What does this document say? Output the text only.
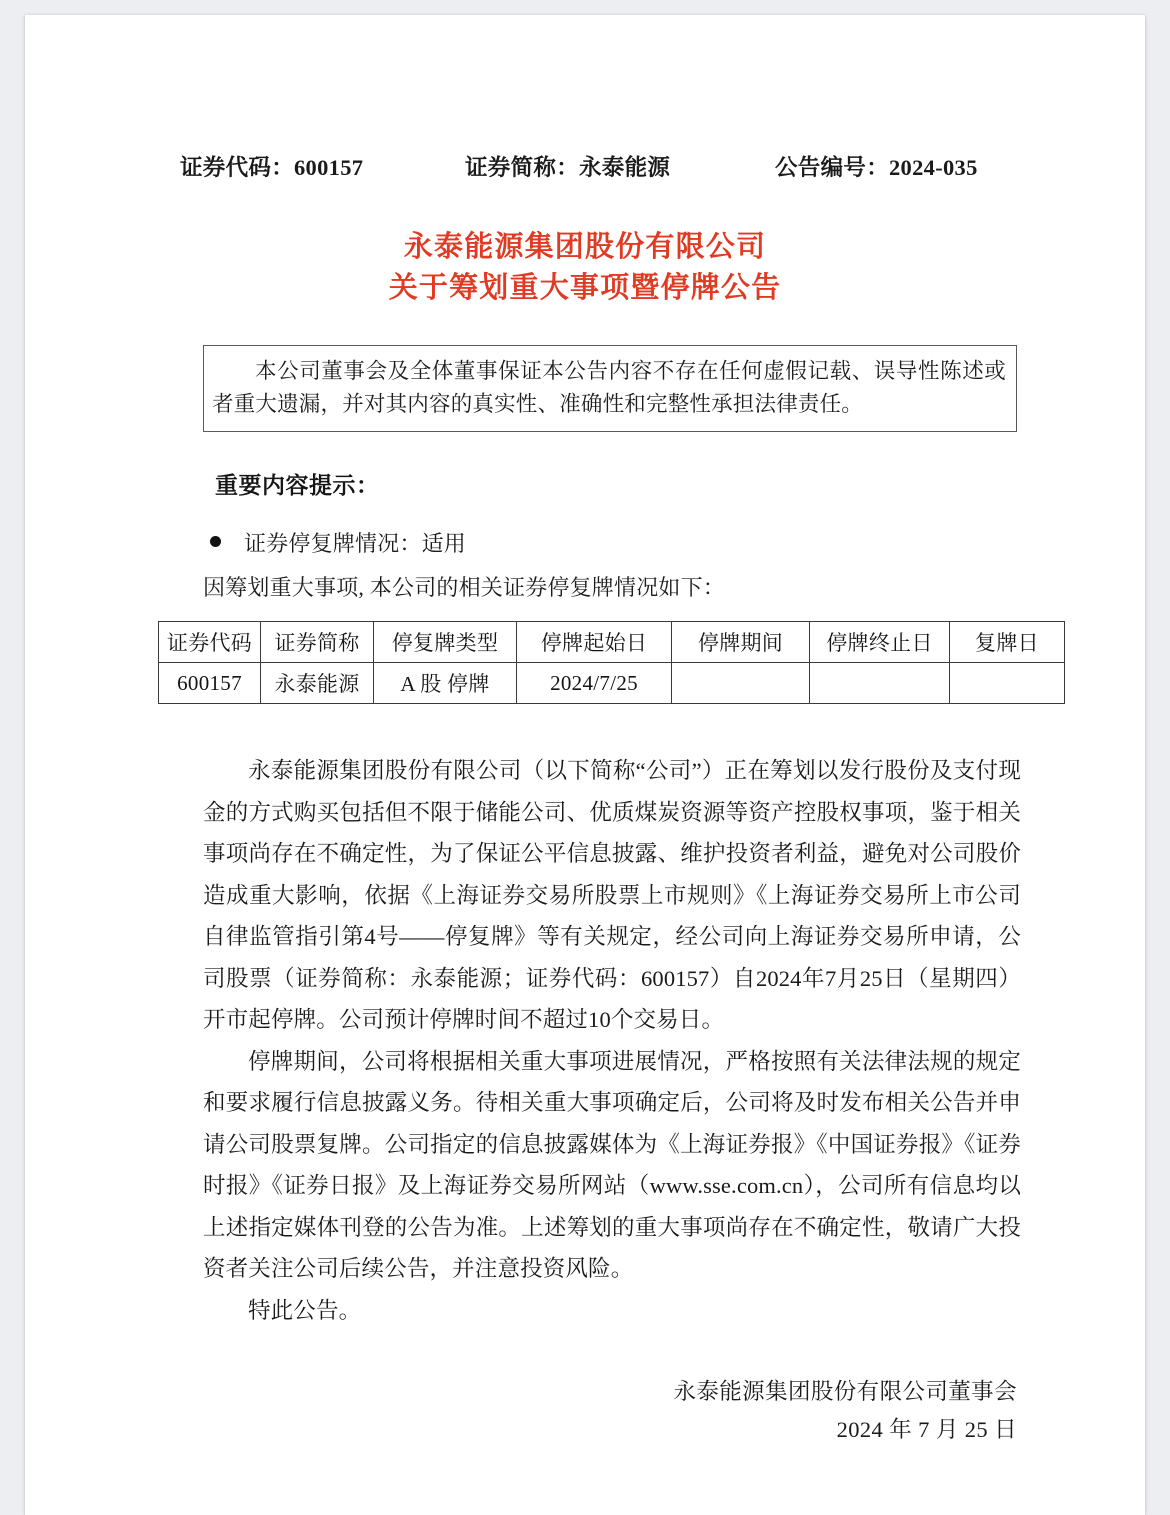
证券代码：600157	证券简称：永泰能源	公告编号：2024-035
永泰能源集团股份有限公司
关于筹划重大事项暨停牌公告

本公司董事会及全体董事保证本公告内容不存在任何虚假记载、误导性陈述或者重大遗漏，并对其内容的真实性、准确性和完整性承担法律责任。

重要内容提示：
证券停复牌情况：适用
因筹划重大事项, 本公司的相关证券停复牌情况如下：
证券代码	证券简称	停复牌类型	停牌起始日	停牌期间	停牌终止日	复牌日
600157	永泰能源	A 股 停牌	2024/7/25			

永泰能源集团股份有限公司（以下简称“公司”）正在筹划以发行股份及支付现金的方式购买包括但不限于储能公司、优质煤炭资源等资产控股权事项，鉴于相关事项尚存在不确定性，为了保证公平信息披露、维护投资者利益，避免对公司股价造成重大影响，依据《上海证券交易所股票上市规则》《上海证券交易所上市公司自律监管指引第4号——停复牌》等有关规定，经公司向上海证券交易所申请，公司股票（证券简称：永泰能源；证券代码：600157）自2024年7月25日（星期四）开市起停牌。公司预计停牌时间不超过10个交易日。

停牌期间，公司将根据相关重大事项进展情况，严格按照有关法律法规的规定和要求履行信息披露义务。待相关重大事项确定后，公司将及时发布相关公告并申请公司股票复牌。公司指定的信息披露媒体为《上海证券报》《中国证券报》《证券时报》《证券日报》及上海证券交易所网站（www.sse.com.cn），公司所有信息均以上述指定媒体刊登的公告为准。上述筹划的重大事项尚存在不确定性，敬请广大投资者关注公司后续公告，并注意投资风险。

特此公告。

永泰能源集团股份有限公司董事会
2024 年 7 月 25 日
